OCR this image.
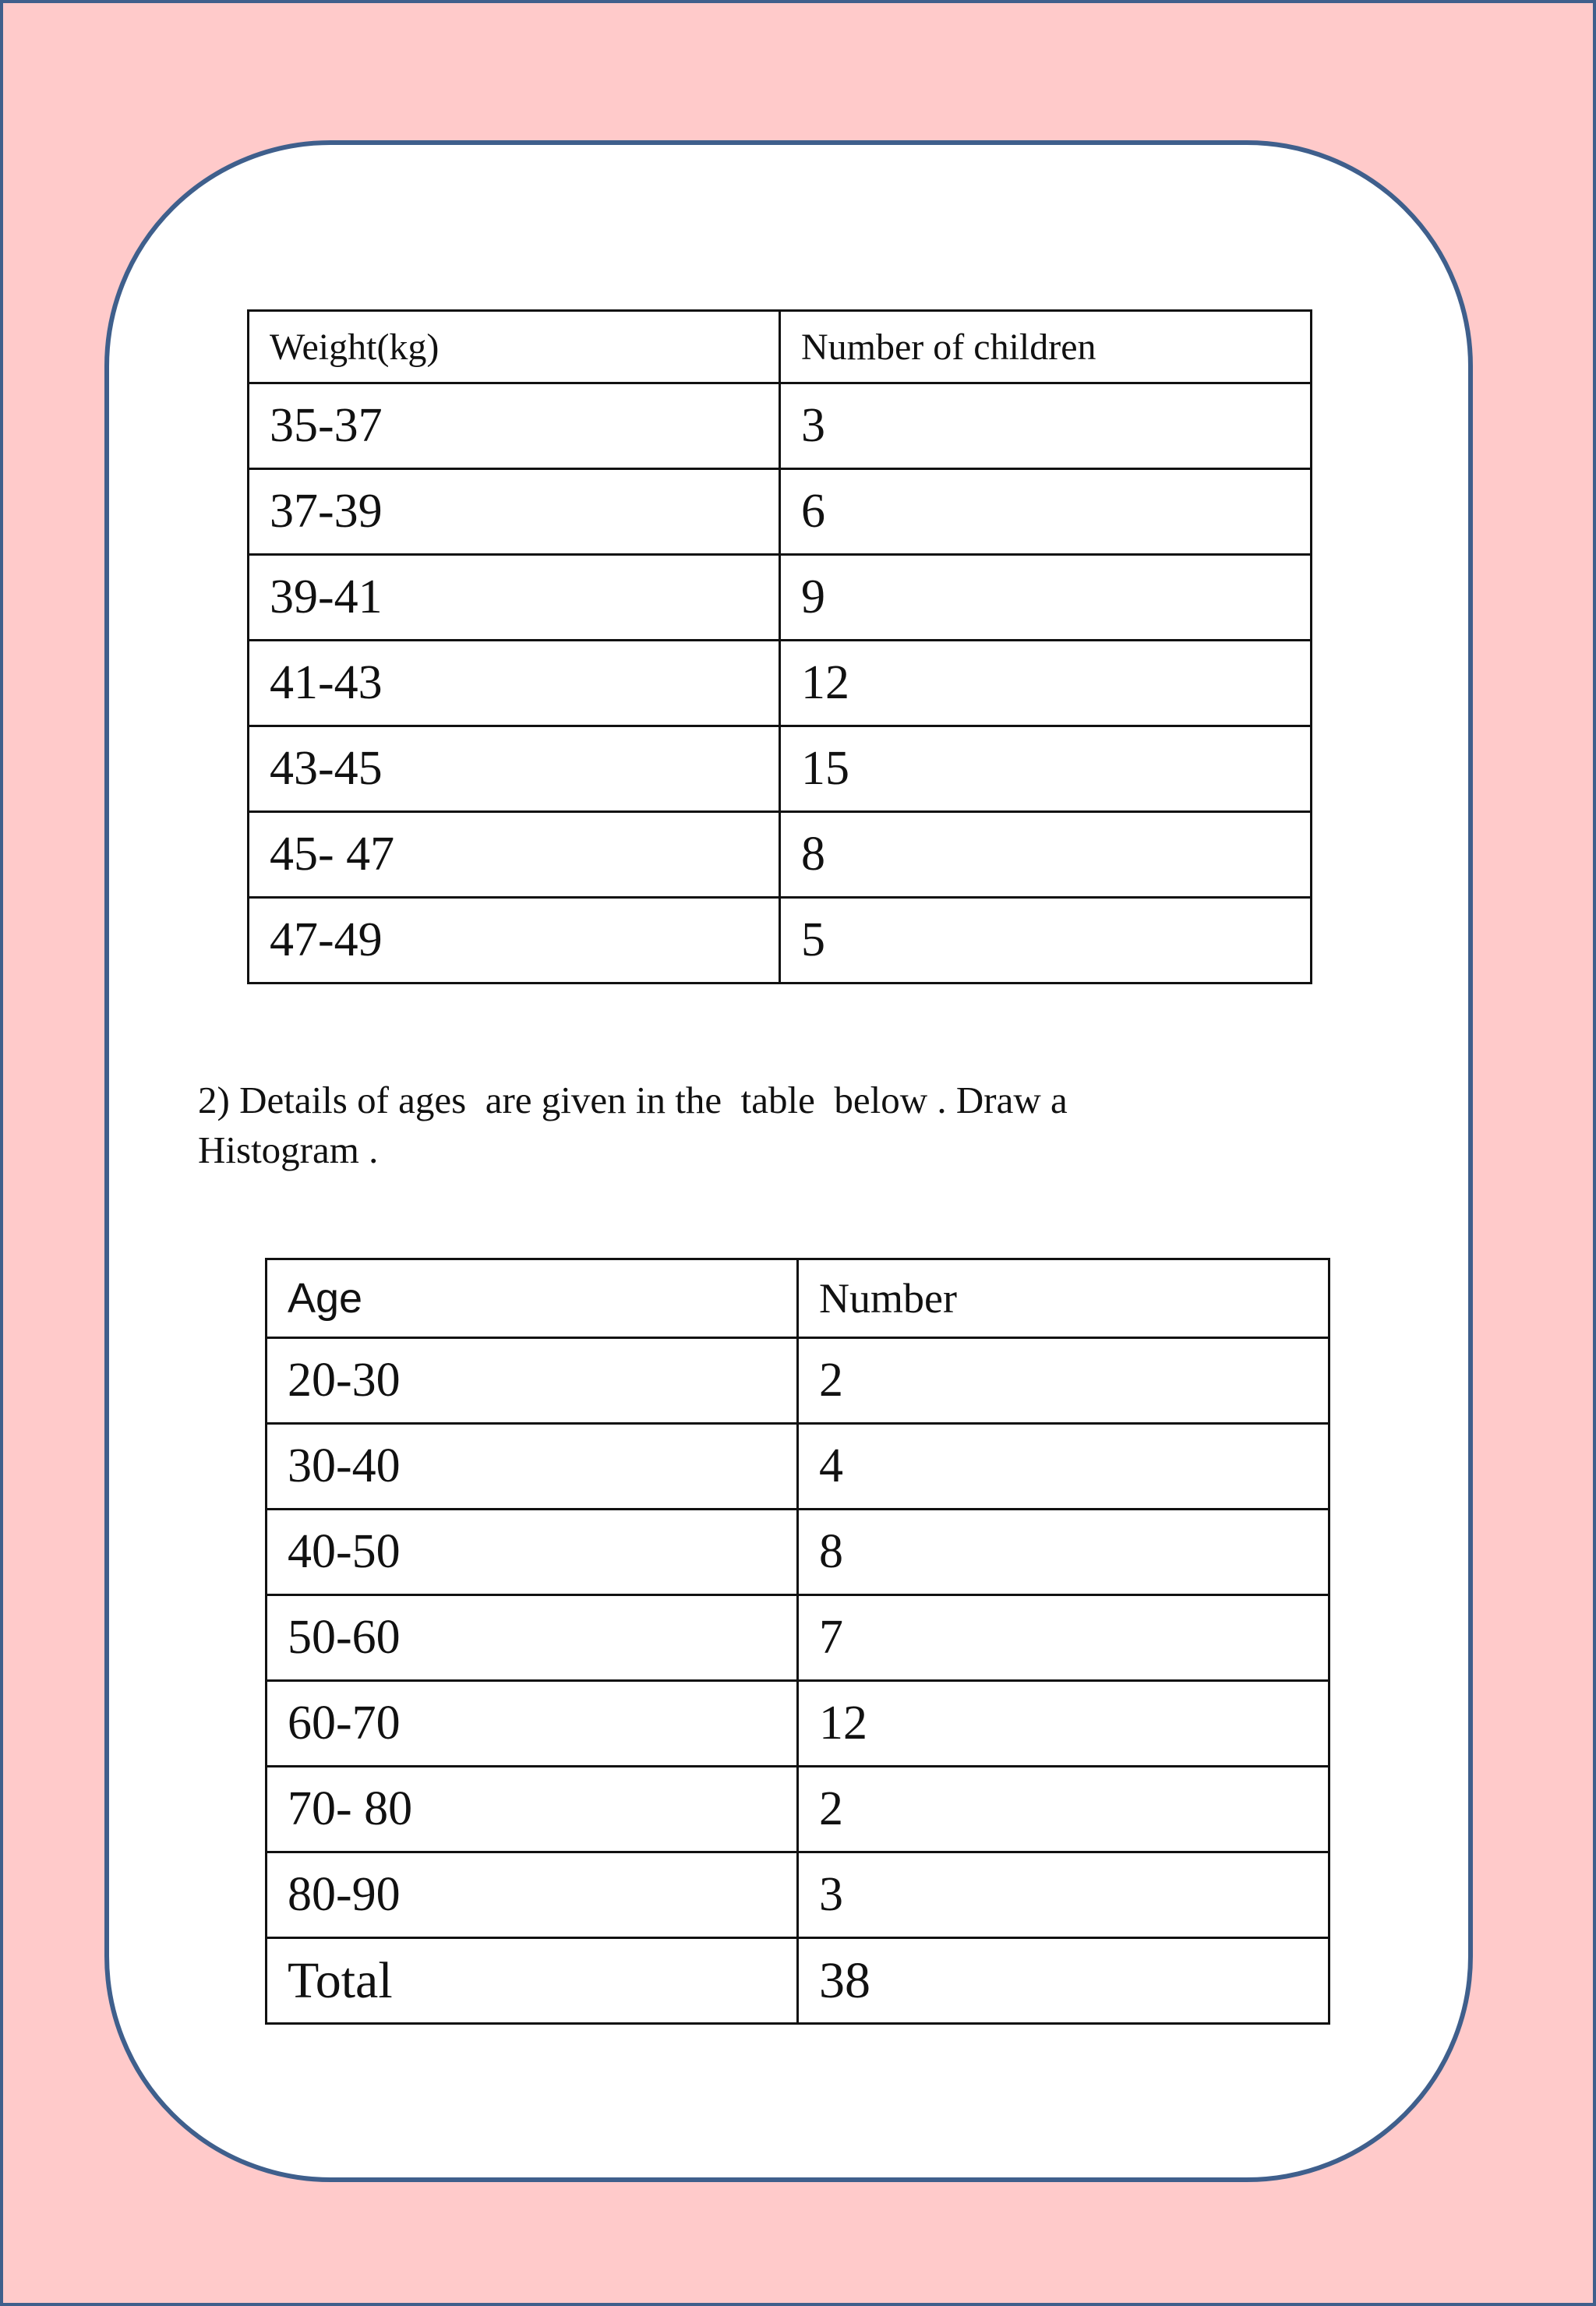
Weight(kg)	Number of children
35-37	3
37-39	6
39-41	9
41-43	12
43-45	15
45- 47	8
47-49	5

2) Details of ages  are given in the  table  below . Draw a
Histogram .

Age	Number
20-30	2
30-40	4
40-50	8
50-60	7
60-70	12
70- 80	2
80-90	3
Total	38
